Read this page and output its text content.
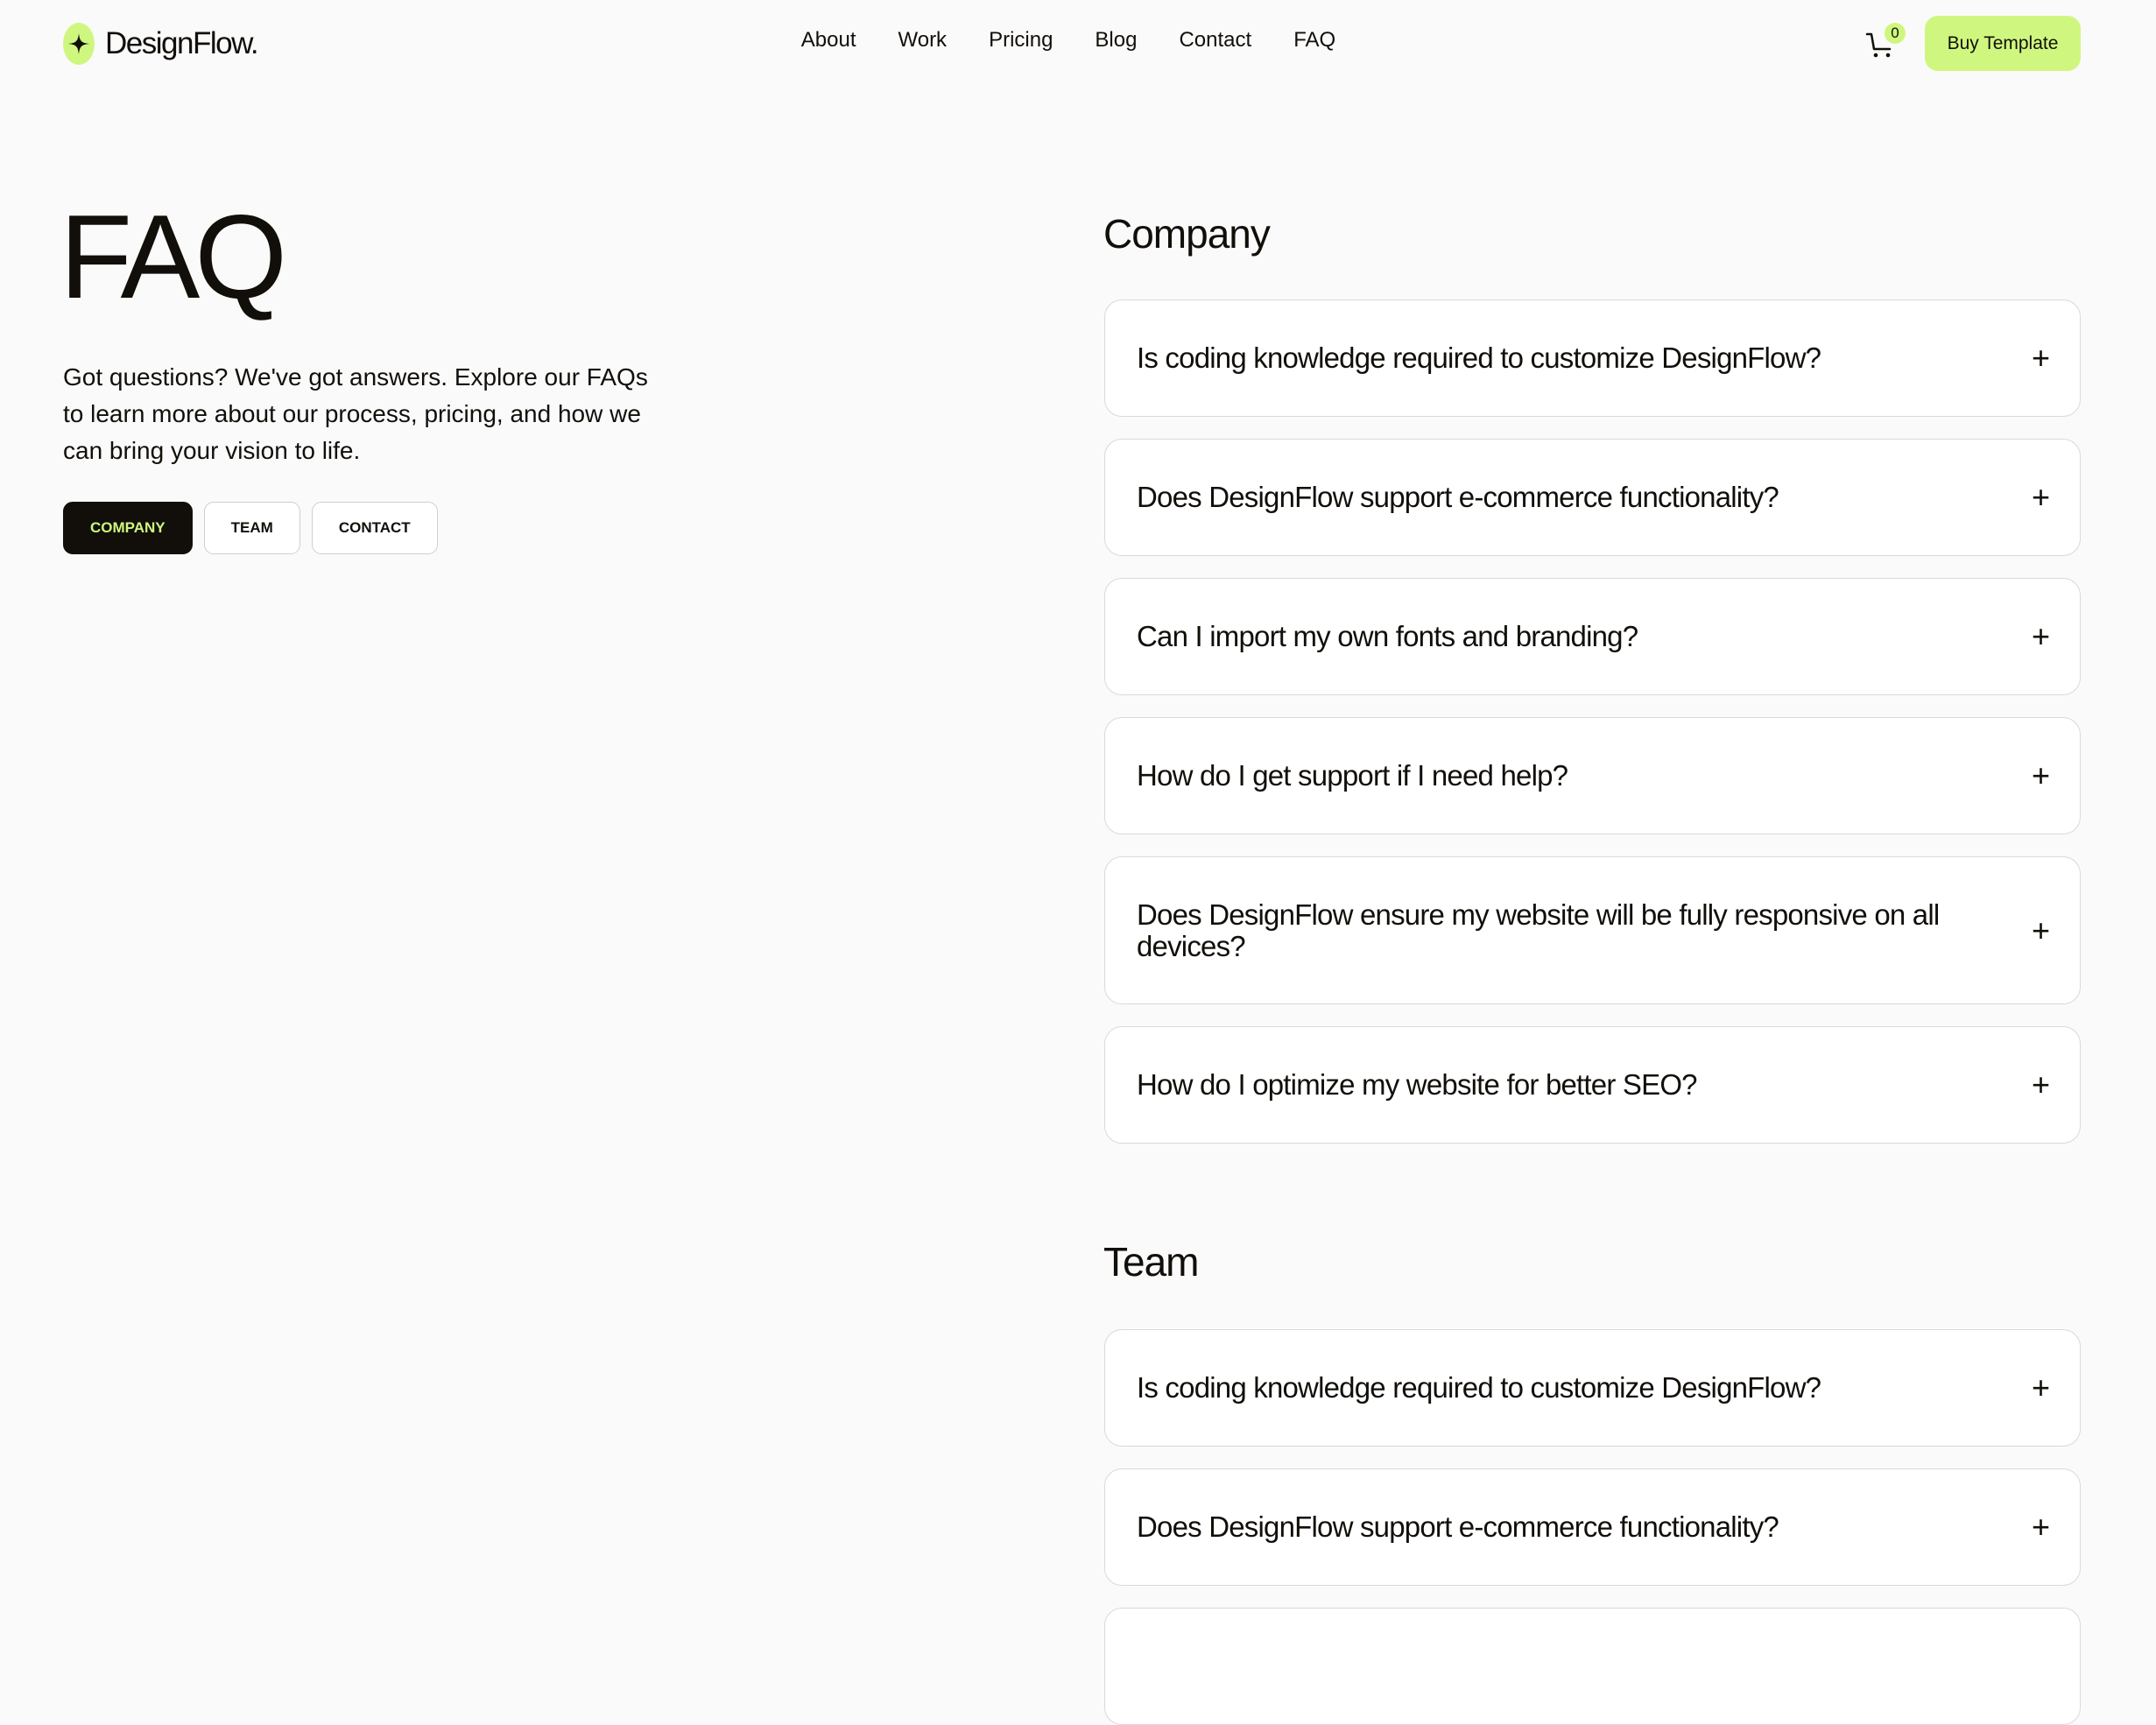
DesignFlow.	About Work Pricing Blog Contact FAQ	0	Buy Template
FAQ

Got questions? We've got answers. Explore our FAQs to learn more about our process, pricing, and how we can bring your vision to life.

COMPANY	TEAM	CONTACT
Company
Is coding knowledge required to customize DesignFlow?	+
Does DesignFlow support e-commerce functionality?	+
Can I import my own fonts and branding?	+
How do I get support if I need help?	+
Does DesignFlow ensure my website will be fully responsive on all devices?	+
How do I optimize my website for better SEO?	+
Team
Is coding knowledge required to customize DesignFlow?	+
Does DesignFlow support e-commerce functionality?	+
